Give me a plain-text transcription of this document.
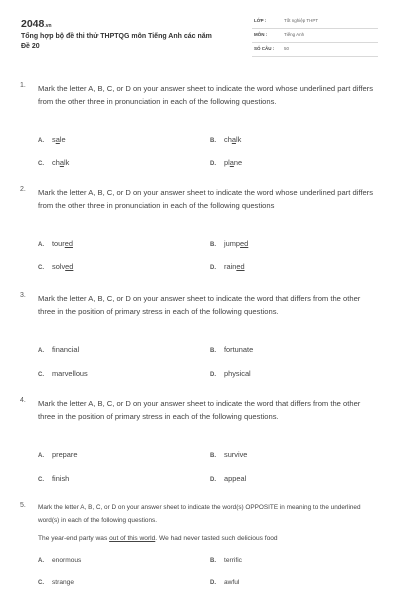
2048.vn
Tổng hợp bộ đề thi thử THPTQG môn Tiếng Anh các năm
Đề 20
LỚP :	Tốt nghiệp THPT
MÔN :	Tiếng Anh
SỐ CÂU : 50
1. Mark the letter A, B, C, or D on your answer sheet to indicate the word whose underlined part differs from the other three in pronunciation in each of the following questions.
A. sale	B. chalk
C. chalk	D. plane
2. Mark the letter A, B, C, or D on your answer sheet to indicate the word whose underlined part differs from the other three in pronunciation in each of the following questions
A. toured	B. jumped
C. solved	D. rained
3. Mark the letter A, B, C, or D on your answer sheet to indicate the word that differs from the other three in the position of primary stress in each of the following questions.
A. financial	B. fortunate
C. marvellous	D. physical
4. Mark the letter A, B, C, or D on your answer sheet to indicate the word that differs from the other three in the position of primary stress in each of the following questions.
A. prepare	B. survive
C. finish	D. appeal
5. Mark the letter A, B, C, or D on your answer sheet to indicate the word(s) OPPOSITE in meaning to the underlined word(s) in each of the following questions.
The year-end party was out of this world. We had never tasted such delicious food
A. enormous	B. terrific
C. strange	D. awful
